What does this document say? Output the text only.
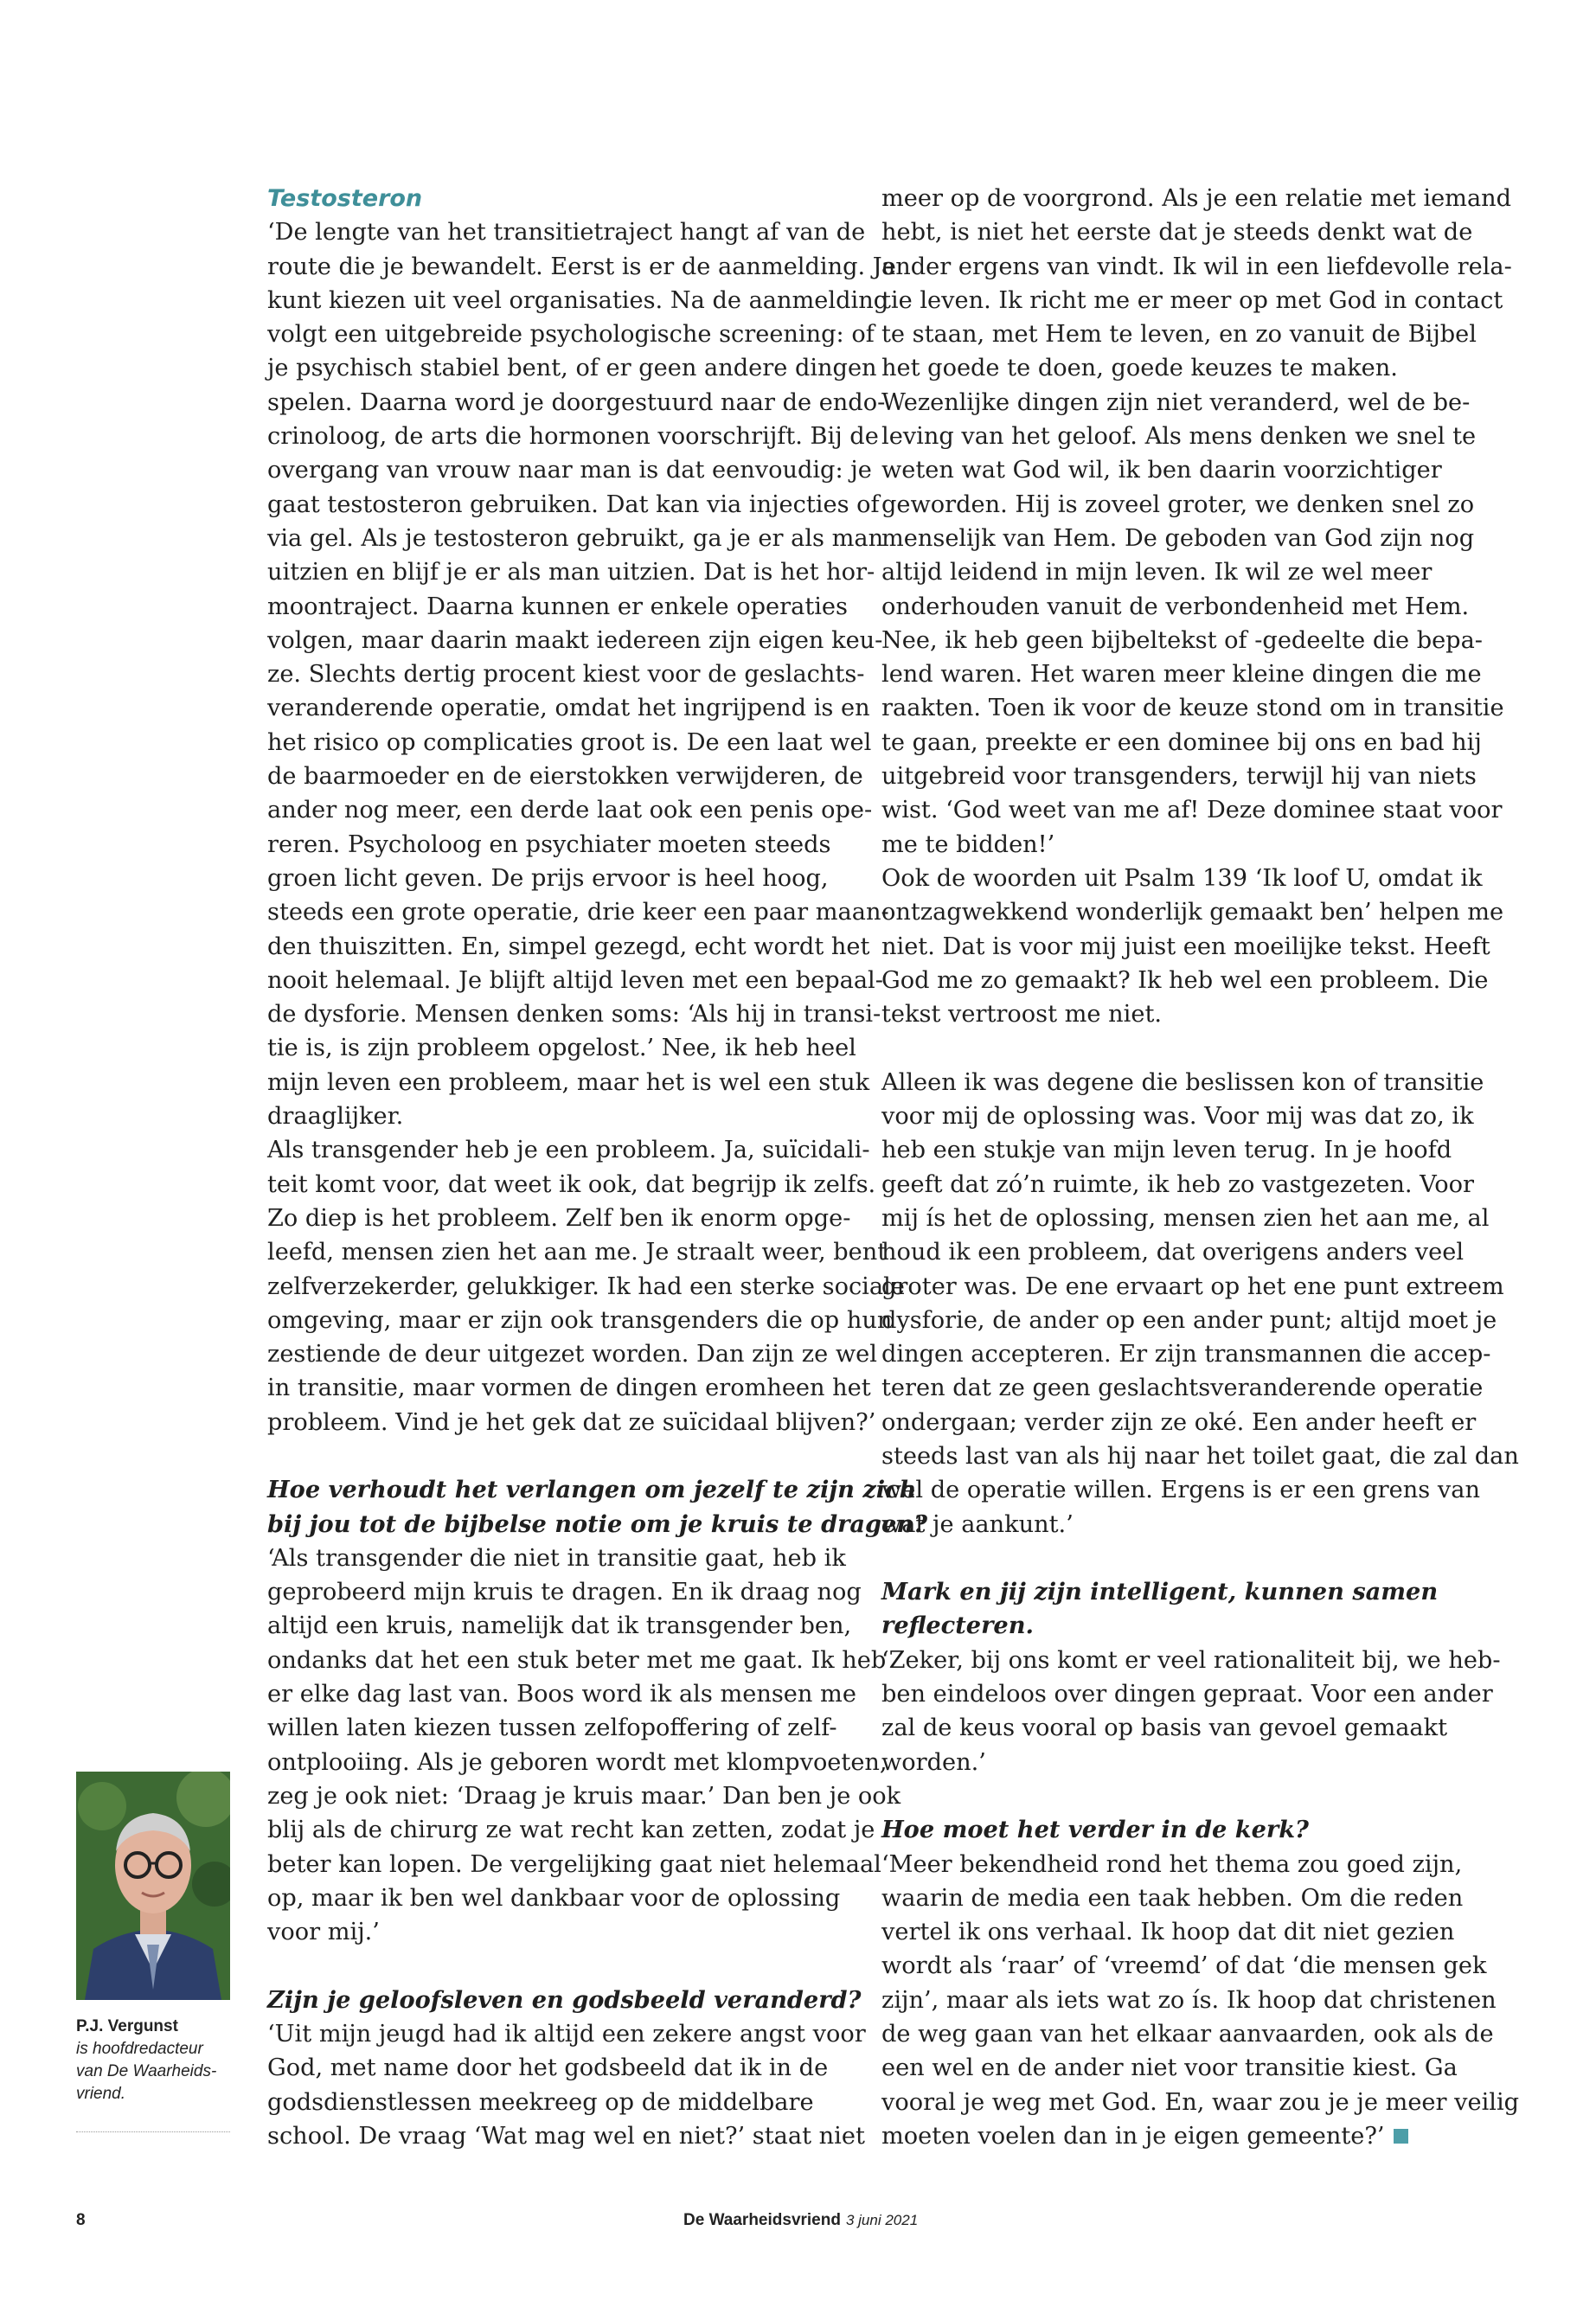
Testosteron
‘De lengte van het transitietraject hangt af van de
route die je bewandelt. Eerst is er de aanmelding. Je
kunt kiezen uit veel organisaties. Na de aanmelding
volgt een uitgebreide psychologische screening: of
je psychisch stabiel bent, of er geen andere dingen
spelen. Daarna word je doorgestuurd naar de endo-
crinoloog, de arts die hormonen voorschrijft. Bij de
overgang van vrouw naar man is dat eenvoudig: je
gaat testosteron gebruiken. Dat kan via injecties of
via gel. Als je testosteron gebruikt, ga je er als man
uitzien en blijf je er als man uitzien. Dat is het hor-
moontraject. Daarna kunnen er enkele operaties
volgen, maar daarin maakt iedereen zijn eigen keu-
ze. Slechts dertig procent kiest voor de geslachts-
veranderende operatie, omdat het ingrijpend is en
het risico op complicaties groot is. De een laat wel
de baarmoeder en de eierstokken verwijderen, de
ander nog meer, een derde laat ook een penis ope-
reren. Psycholoog en psychiater moeten steeds
groen licht geven. De prijs ervoor is heel hoog,
steeds een grote operatie, drie keer een paar maan-
den thuiszitten. En, simpel gezegd, echt wordt het
nooit helemaal. Je blijft altijd leven met een bepaal-
de dysforie. Mensen denken soms: ‘Als hij in transi-
tie is, is zijn probleem opgelost.’ Nee, ik heb heel
mijn leven een probleem, maar het is wel een stuk
draaglijker.
Als transgender heb je een probleem. Ja, suïcidali-
teit komt voor, dat weet ik ook, dat begrijp ik zelfs.
Zo diep is het probleem. Zelf ben ik enorm opge-
leefd, mensen zien het aan me. Je straalt weer, bent
zelfverzekerder, gelukkiger. Ik had een sterke sociale
omgeving, maar er zijn ook transgenders die op hun
zestiende de deur uitgezet worden. Dan zijn ze wel
in transitie, maar vormen de dingen eromheen het
probleem. Vind je het gek dat ze suïcidaal blijven?’
Hoe verhoudt het verlangen om jezelf te zijn zich
bij jou tot de bijbelse notie om je kruis te dragen?
‘Als transgender die niet in transitie gaat, heb ik
geprobeerd mijn kruis te dragen. En ik draag nog
altijd een kruis, namelijk dat ik transgender ben,
ondanks dat het een stuk beter met me gaat. Ik heb
er elke dag last van. Boos word ik als mensen me
willen laten kiezen tussen zelfopoffering of zelf-
ontplooiing. Als je geboren wordt met klompvoeten,
zeg je ook niet: ‘Draag je kruis maar.’ Dan ben je ook
blij als de chirurg ze wat recht kan zetten, zodat je
beter kan lopen. De vergelijking gaat niet helemaal
op, maar ik ben wel dankbaar voor de oplossing
voor mij.’
Zijn je geloofsleven en godsbeeld veranderd?
‘Uit mijn jeugd had ik altijd een zekere angst voor
God, met name door het godsbeeld dat ik in de
godsdienstlessen meekreeg op de middelbare
school. De vraag ‘Wat mag wel en niet?’ staat niet
meer op de voorgrond. Als je een relatie met iemand
hebt, is niet het eerste dat je steeds denkt wat de
ander ergens van vindt. Ik wil in een liefdevolle rela-
tie leven. Ik richt me er meer op met God in contact
te staan, met Hem te leven, en zo vanuit de Bijbel
het goede te doen, goede keuzes te maken.
Wezenlijke dingen zijn niet veranderd, wel de be-
leving van het geloof. Als mens denken we snel te
weten wat God wil, ik ben daarin voorzichtiger
geworden. Hij is zoveel groter, we denken snel zo
menselijk van Hem. De geboden van God zijn nog
altijd leidend in mijn leven. Ik wil ze wel meer
onderhouden vanuit de verbondenheid met Hem.
Nee, ik heb geen bijbeltekst of -gedeelte die bepa-
lend waren. Het waren meer kleine dingen die me
raakten. Toen ik voor de keuze stond om in transitie
te gaan, preekte er een dominee bij ons en bad hij
uitgebreid voor transgenders, terwijl hij van niets
wist. ‘God weet van me af! Deze dominee staat voor
me te bidden!’
Ook de woorden uit Psalm 139 ‘Ik loof U, omdat ik
ontzagwekkend wonderlijk gemaakt ben’ helpen me
niet. Dat is voor mij juist een moeilijke tekst. Heeft
God me zo gemaakt? Ik heb wel een probleem. Die
tekst vertroost me niet.
Alleen ik was degene die beslissen kon of transitie
voor mij de oplossing was. Voor mij was dat zo, ik
heb een stukje van mijn leven terug. In je hoofd
geeft dat zó’n ruimte, ik heb zo vastgezeten. Voor
mij ís het de oplossing, mensen zien het aan me, al
houd ik een probleem, dat overigens anders veel
groter was. De ene ervaart op het ene punt extreem
dysforie, de ander op een ander punt; altijd moet je
dingen accepteren. Er zijn transmannen die accep-
teren dat ze geen geslachtsveranderende operatie
ondergaan; verder zijn ze oké. Een ander heeft er
steeds last van als hij naar het toilet gaat, die zal dan
wel de operatie willen. Ergens is er een grens van
wat je aankunt.’
Mark en jij zijn intelligent, kunnen samen
reflecteren.
‘Zeker, bij ons komt er veel rationaliteit bij, we heb-
ben eindeloos over dingen gepraat. Voor een ander
zal de keus vooral op basis van gevoel gemaakt
worden.’
Hoe moet het verder in de kerk?
‘Meer bekendheid rond het thema zou goed zijn,
waarin de media een taak hebben. Om die reden
vertel ik ons verhaal. Ik hoop dat dit niet gezien
wordt als ‘raar’ of ‘vreemd’ of dat ‘die mensen gek
zijn’, maar als iets wat zo ís. Ik hoop dat christenen
de weg gaan van het elkaar aanvaarden, ook als de
een wel en de ander niet voor transitie kiest. Ga
vooral je weg met God. En, waar zou je je meer veilig
moeten voelen dan in je eigen gemeente?’
P.J. Vergunst
is hoofdredacteur
van De Waarheids-
vriend.
8	De Waarheidsvriend 3 juni 2021
